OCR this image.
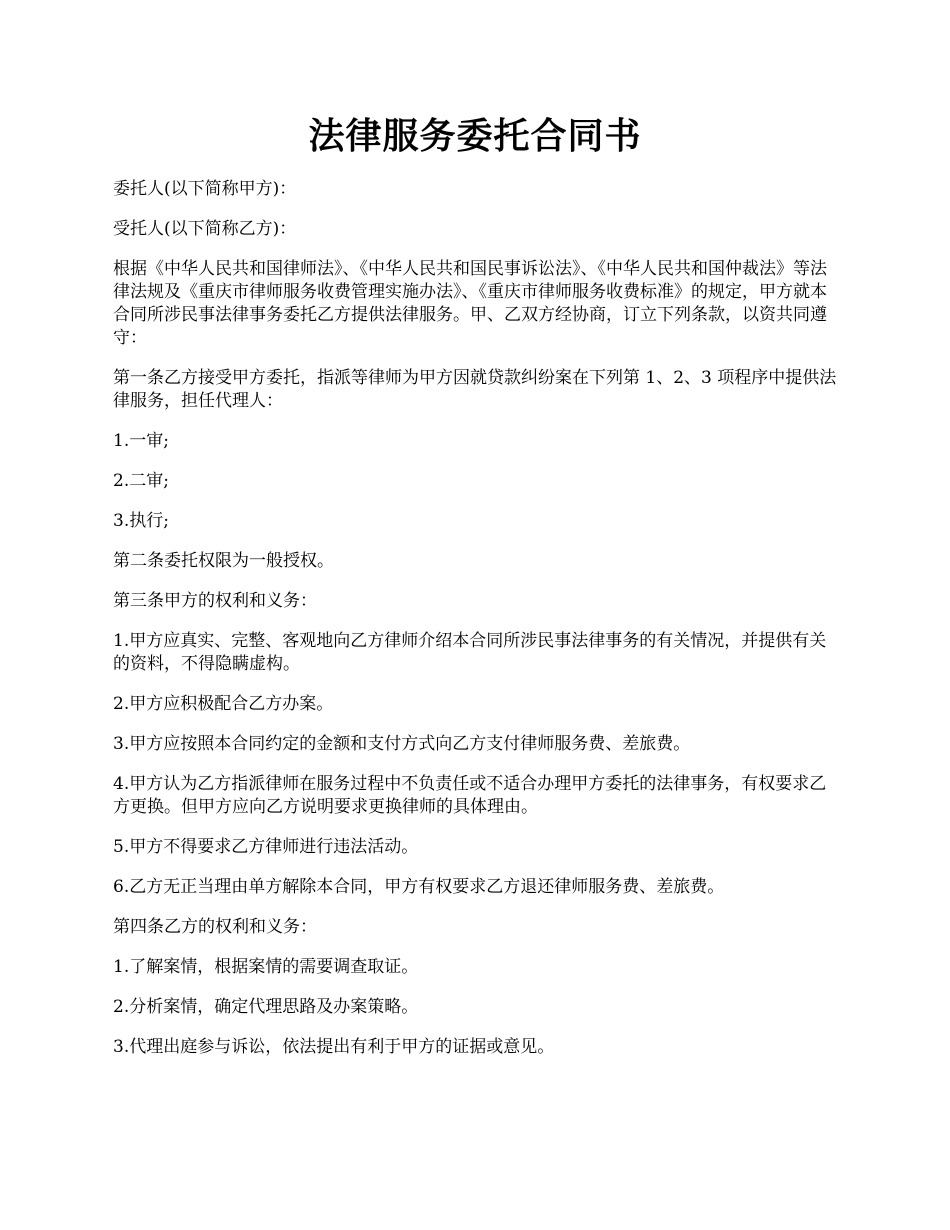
法律服务委托合同书

委托人(以下简称甲方)：

受托人(以下简称乙方)：

根据《中华人民共和国律师法》、《中华人民共和国民事诉讼法》、《中华人民共和国仲裁法》等法律法规及《重庆市律师服务收费管理实施办法》、《重庆市律师服务收费标准》的规定，甲方就本合同所涉民事法律事务委托乙方提供法律服务。甲、乙双方经协商，订立下列条款，以资共同遵守：

第一条乙方接受甲方委托，指派等律师为甲方因就贷款纠纷案在下列第 1、2、3 项程序中提供法律服务，担任代理人：

1.一审;

2.二审;

3.执行;

第二条委托权限为一般授权。

第三条甲方的权利和义务：

1.甲方应真实、完整、客观地向乙方律师介绍本合同所涉民事法律事务的有关情况，并提供有关的资料，不得隐瞒虚构。

2.甲方应积极配合乙方办案。

3.甲方应按照本合同约定的金额和支付方式向乙方支付律师服务费、差旅费。

4.甲方认为乙方指派律师在服务过程中不负责任或不适合办理甲方委托的法律事务，有权要求乙方更换。但甲方应向乙方说明要求更换律师的具体理由。

5.甲方不得要求乙方律师进行违法活动。

6.乙方无正当理由单方解除本合同，甲方有权要求乙方退还律师服务费、差旅费。

第四条乙方的权利和义务：

1.了解案情，根据案情的需要调查取证。

2.分析案情，确定代理思路及办案策略。

3.代理出庭参与诉讼，依法提出有利于甲方的证据或意见。
